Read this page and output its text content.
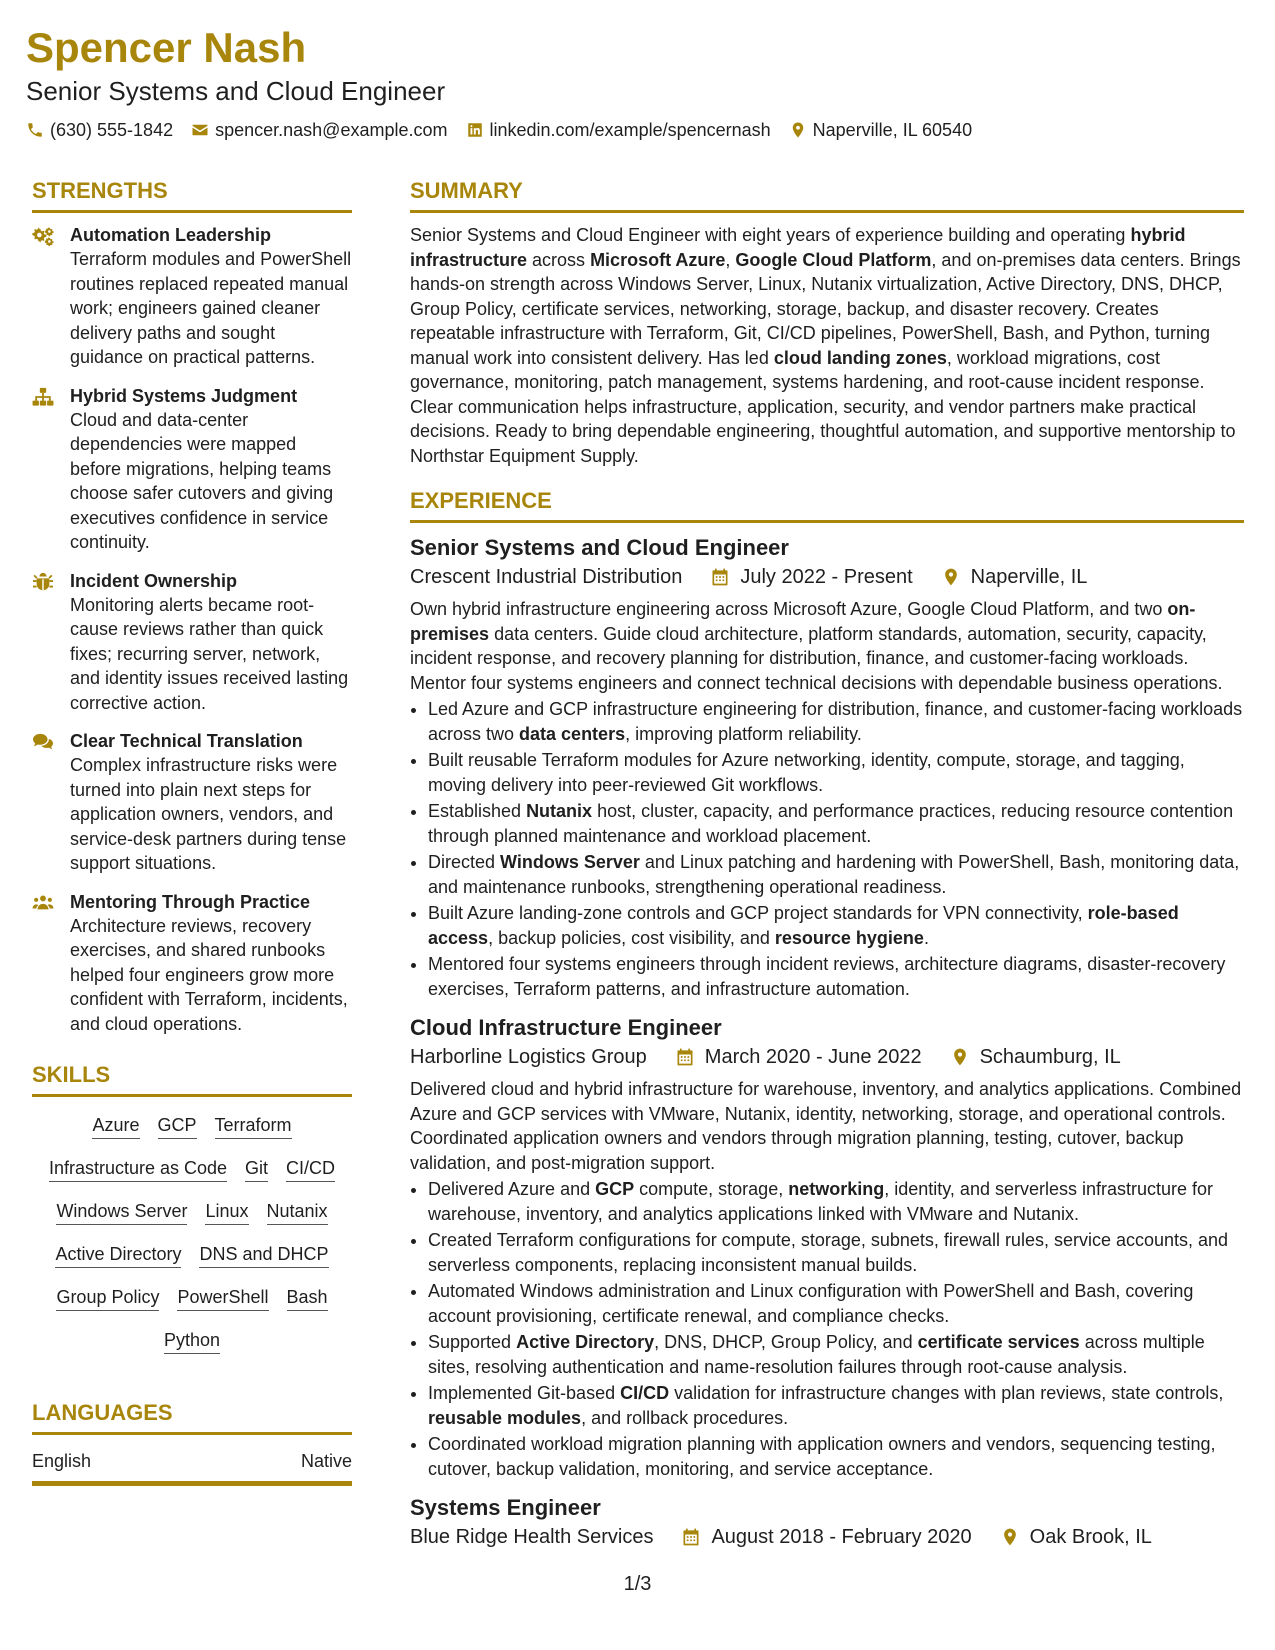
Spencer Nash

Senior Systems and Cloud Engineer

(630) 555-1842 spencer.nash@example.com linkedin.com/example/spencernash Naperville, IL 60540
STRENGTHS
Automation Leadership
Terraform modules and PowerShell routines replaced repeated manual work; engineers gained cleaner delivery paths and sought guidance on practical patterns.
Hybrid Systems Judgment
Cloud and data-center dependencies were mapped before migrations, helping teams choose safer cutovers and giving executives confidence in service continuity.
Incident Ownership
Monitoring alerts became root-cause reviews rather than quick fixes; recurring server, network, and identity issues received lasting corrective action.
Clear Technical Translation
Complex infrastructure risks were turned into plain next steps for application owners, vendors, and service-desk partners during tense support situations.
Mentoring Through Practice
Architecture reviews, recovery exercises, and shared runbooks helped four engineers grow more confident with Terraform, incidents, and cloud operations.
SKILLS
Azure GCP Terraform
Infrastructure as Code Git CI/CD
Windows Server Linux Nutanix
Active Directory DNS and DHCP
Group Policy PowerShell Bash
Python
LANGUAGES
English	Native
SUMMARY

Senior Systems and Cloud Engineer with eight years of experience building and operating hybrid infrastructure across Microsoft Azure, Google Cloud Platform, and on-premises data centers. Brings hands-on strength across Windows Server, Linux, Nutanix virtualization, Active Directory, DNS, DHCP, Group Policy, certificate services, networking, storage, backup, and disaster recovery. Creates repeatable infrastructure with Terraform, Git, CI/CD pipelines, PowerShell, Bash, and Python, turning manual work into consistent delivery. Has led cloud landing zones, workload migrations, cost governance, monitoring, patch management, systems hardening, and root-cause incident response. Clear communication helps infrastructure, application, security, and vendor partners make practical decisions. Ready to bring dependable engineering, thoughtful automation, and supportive mentorship to Northstar Equipment Supply.

EXPERIENCE
Senior Systems and Cloud Engineer
Crescent Industrial Distribution	July 2022 - Present	Naperville, IL

Own hybrid infrastructure engineering across Microsoft Azure, Google Cloud Platform, and two on-premises data centers. Guide cloud architecture, platform standards, automation, security, capacity, incident response, and recovery planning for distribution, finance, and customer-facing workloads. Mentor four systems engineers and connect technical decisions with dependable business operations.

• Led Azure and GCP infrastructure engineering for distribution, finance, and customer-facing workloads across two data centers, improving platform reliability.
• Built reusable Terraform modules for Azure networking, identity, compute, storage, and tagging, moving delivery into peer-reviewed Git workflows.
• Established Nutanix host, cluster, capacity, and performance practices, reducing resource contention through planned maintenance and workload placement.
• Directed Windows Server and Linux patching and hardening with PowerShell, Bash, monitoring data, and maintenance runbooks, strengthening operational readiness.
• Built Azure landing-zone controls and GCP project standards for VPN connectivity, role-based access, backup policies, cost visibility, and resource hygiene.
• Mentored four systems engineers through incident reviews, architecture diagrams, disaster-recovery exercises, Terraform patterns, and infrastructure automation.
Cloud Infrastructure Engineer
Harborline Logistics Group	March 2020 - June 2022	Schaumburg, IL

Delivered cloud and hybrid infrastructure for warehouse, inventory, and analytics applications. Combined Azure and GCP services with VMware, Nutanix, identity, networking, storage, and operational controls. Coordinated application owners and vendors through migration planning, testing, cutover, backup validation, and post-migration support.

• Delivered Azure and GCP compute, storage, networking, identity, and serverless infrastructure for warehouse, inventory, and analytics applications linked with VMware and Nutanix.
• Created Terraform configurations for compute, storage, subnets, firewall rules, service accounts, and serverless components, replacing inconsistent manual builds.
• Automated Windows administration and Linux configuration with PowerShell and Bash, covering account provisioning, certificate renewal, and compliance checks.
• Supported Active Directory, DNS, DHCP, Group Policy, and certificate services across multiple sites, resolving authentication and name-resolution failures through root-cause analysis.
• Implemented Git-based CI/CD validation for infrastructure changes with plan reviews, state controls, reusable modules, and rollback procedures.
• Coordinated workload migration planning with application owners and vendors, sequencing testing, cutover, backup validation, monitoring, and service acceptance.
Systems Engineer
Blue Ridge Health Services	August 2018 - February 2020	Oak Brook, IL
1/3
